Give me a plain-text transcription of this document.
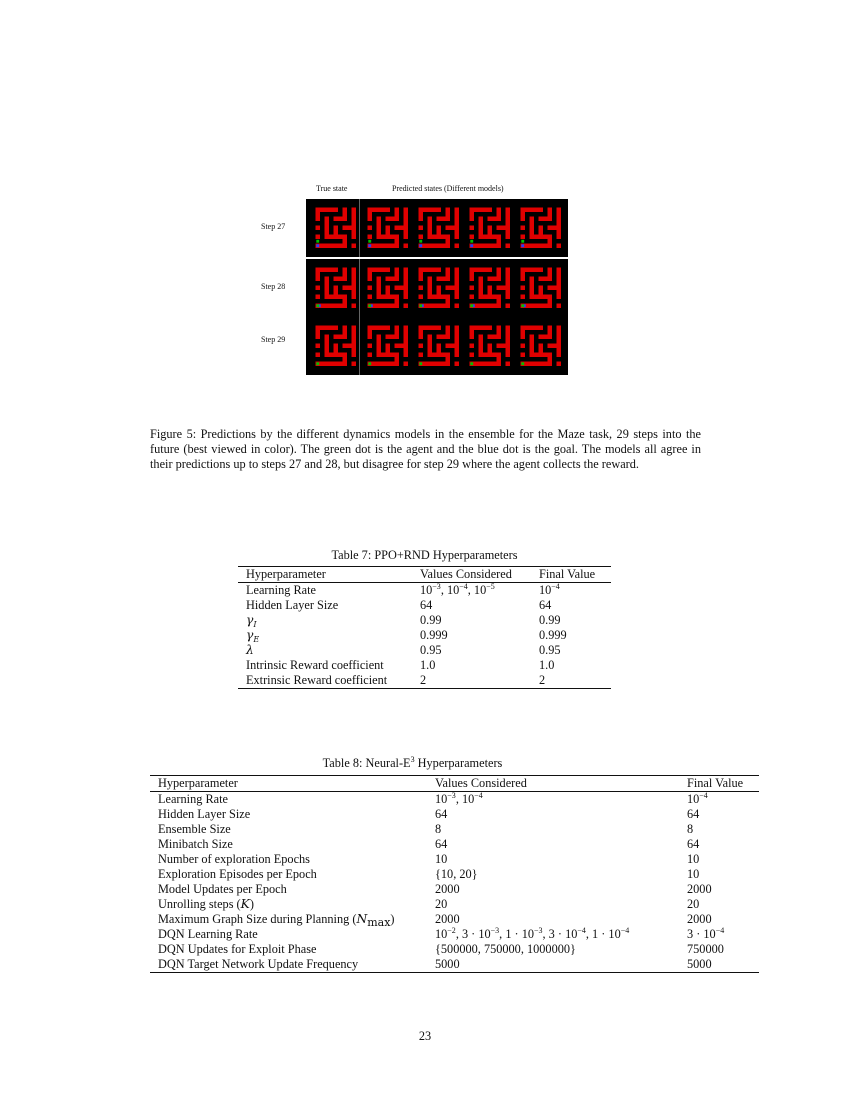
True state	Predicted states (Different models)
Step 27
Step 28
Step 29
Figure 5: Predictions by the different dynamics models in the ensemble for the Maze task, 29 steps into the future (best viewed in color). The green dot is the agent and the blue dot is the goal. The models all agree in their predictions up to steps 27 and 28, but disagree for step 29 where the agent collects the reward.
Table 7: PPO+RND Hyperparameters
Hyperparameter	Values Considered	Final Value
Learning Rate	$10^{-3}$, $10^{-4}$, $10^{-5}$	$10^{-4}$
Hidden Layer Size	64	64
$\gamma_I$	0.99	0.99
$\gamma_E$	0.999	0.999
λ	0.95	0.95
Intrinsic Reward coefficient	1.0	1.0
Extrinsic Reward coefficient	2	2
Table 8: Neural-$E^3$ Hyperparameters
Hyperparameter	Values Considered	Final Value
Learning Rate	$10^{-3}$, $10^{-4}$	$10^{-4}$
Hidden Layer Size	64	64
Ensemble Size	8	8
Minibatch Size	64	64
Number of exploration Epochs	10	10
Exploration Episodes per Epoch	{10, 20}	10
Model Updates per Epoch	2000	2000
Unrolling steps (K)	20	20
Maximum Graph Size during Planning $(N_{max})$	2000	2000
DQN Learning Rate	$10^{-2}$, $3 \cdot 10^{-3}$, $1 \cdot 10^{-3}$, $3 \cdot 10^{-4}$, $1 \cdot 10^{-4}$	$3 \cdot 10^{-4}$
DQN Updates for Exploit Phase	{500000, 750000, 1000000}	750000
DQN Target Network Update Frequency	5000	5000
23
